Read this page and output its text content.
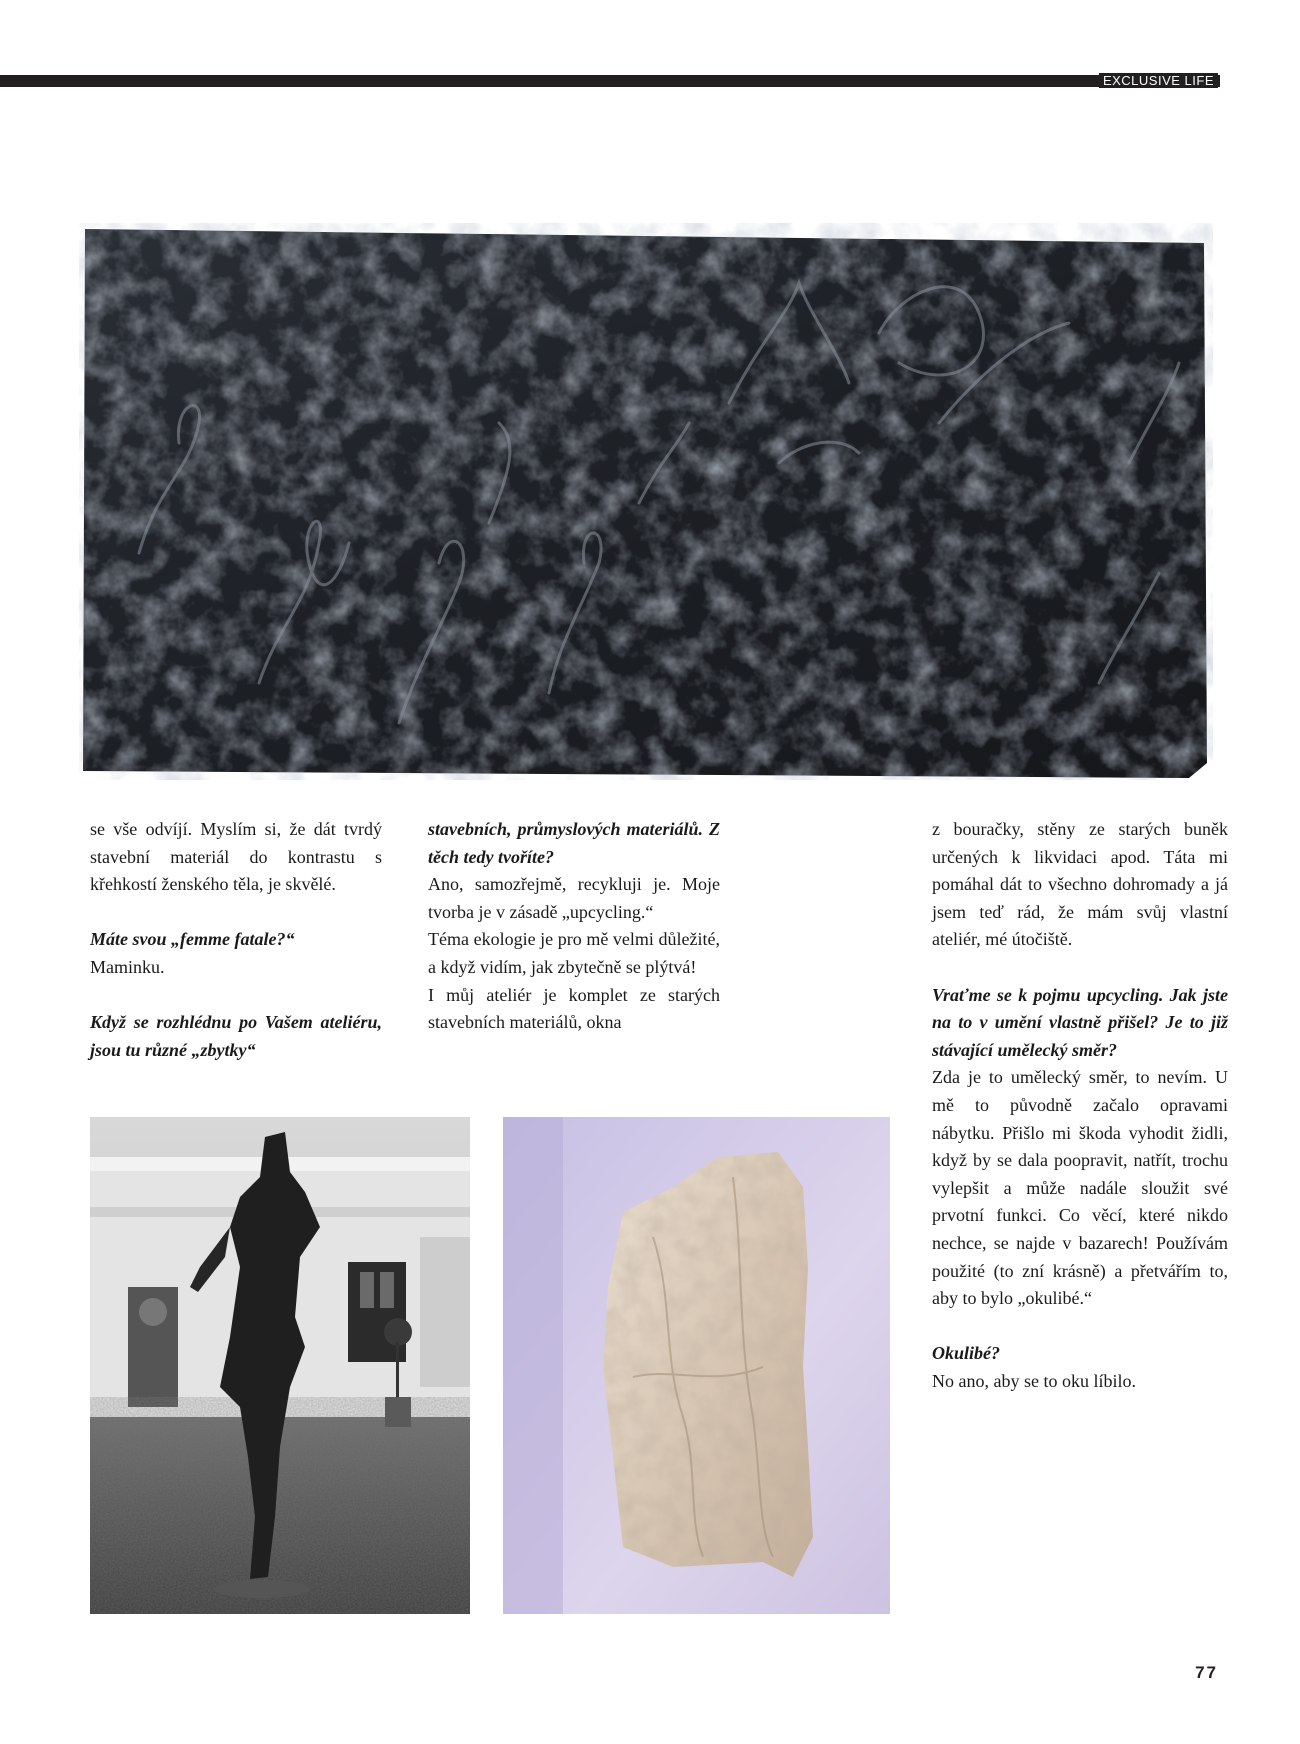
EXCLUSIVE LIFE

se vše odvíjí. Myslím si, že dát tvrdý stavební materiál do kontrastu s křehkostí ženského těla, je skvělé.

Máte svou „femme fatale?“

Maminku.

Když se rozhlédnu po Vašem ateliéru, jsou tu různé „zbytky“
stavebních, průmyslových materiálů. Z těch tedy tvoříte?
Ano, samozřejmě, recykluji je. Moje tvorba je v zásadě „upcycling.“
Téma ekologie je pro mě velmi důležité, a když vidím, jak zbytečně se plýtvá!
I můj ateliér je komplet ze starých stavebních materiálů, okna

z bouračky, stěny ze starých buněk určených k likvidaci apod. Táta mi pomáhal dát to všechno dohromady a já jsem teď rád, že mám svůj vlastní ateliér, mé útočiště.

Vraťme se k pojmu upcycling. Jak jste na to v umění vlastně přišel? Je to již stávající umělecký směr?

Zda je to umělecký směr, to nevím. U mě to původně začalo opravami nábytku. Přišlo mi škoda vyhodit židli, když by se dala poopravit, natřít, trochu vylepšit a může nadále sloužit své prvotní funkci. Co věcí, které nikdo nechce, se najde v bazarech! Používám použité (to zní krásně) a přetvářím to, aby to bylo „okulibé.“

Okulibé?

No ano, aby se to oku líbilo.

77
